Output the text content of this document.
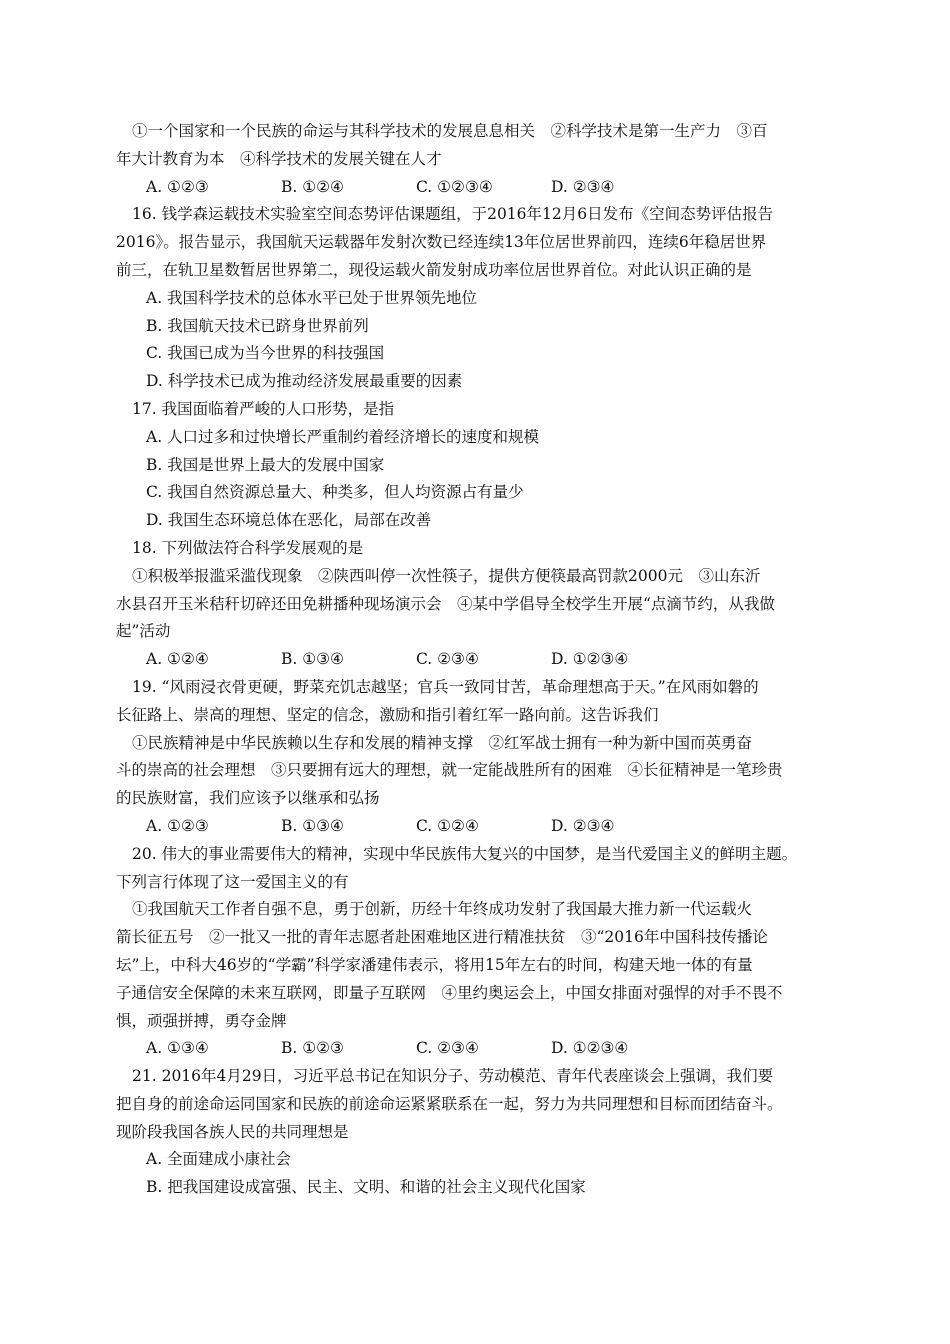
①一个国家和一个民族的命运与其科学技术的发展息息相关　②科学技术是第一生产力　③百
年大计教育为本　④科学技术的发展关键在人才
A. ①②③	B. ①②④	C. ①②③④	D. ②③④
16. 钱学森运载技术实验室空间态势评估课题组，于2016年12月6日发布《空间态势评估报告
2016》。报告显示，我国航天运载器年发射次数已经连续13年位居世界前四，连续6年稳居世界
前三，在轨卫星数暂居世界第二，现役运载火箭发射成功率位居世界首位。对此认识正确的是
A. 我国科学技术的总体水平已处于世界领先地位
B. 我国航天技术已跻身世界前列
C. 我国已成为当今世界的科技强国
D. 科学技术已成为推动经济发展最重要的因素
17. 我国面临着严峻的人口形势，是指
A. 人口过多和过快增长严重制约着经济增长的速度和规模
B. 我国是世界上最大的发展中国家
C. 我国自然资源总量大、种类多，但人均资源占有量少
D. 我国生态环境总体在恶化，局部在改善
18. 下列做法符合科学发展观的是
①积极举报滥采滥伐现象　②陕西叫停一次性筷子，提供方便筷最高罚款2000元　③山东沂
水县召开玉米秸秆切碎还田免耕播种现场演示会　④某中学倡导全校学生开展“点滴节约，从我做
起”活动
A. ①②④	B. ①③④	C. ②③④	D. ①②③④
19. “风雨浸衣骨更硬，野菜充饥志越坚；官兵一致同甘苦，革命理想高于天。”在风雨如磐的
长征路上、崇高的理想、坚定的信念，激励和指引着红军一路向前。这告诉我们
①民族精神是中华民族赖以生存和发展的精神支撑　②红军战士拥有一种为新中国而英勇奋
斗的崇高的社会理想　③只要拥有远大的理想，就一定能战胜所有的困难　④长征精神是一笔珍贵
的民族财富，我们应该予以继承和弘扬
A. ①②③	B. ①③④	C. ①②④	D. ②③④
20. 伟大的事业需要伟大的精神，实现中华民族伟大复兴的中国梦，是当代爱国主义的鲜明主题。
下列言行体现了这一爱国主义的有
①我国航天工作者自强不息，勇于创新，历经十年终成功发射了我国最大推力新一代运载火
箭长征五号　②一批又一批的青年志愿者赴困难地区进行精准扶贫　③“2016年中国科技传播论
坛”上，中科大46岁的“学霸”科学家潘建伟表示，将用15年左右的时间，构建天地一体的有量
子通信安全保障的未来互联网，即量子互联网　④里约奥运会上，中国女排面对强悍的对手不畏不
惧，顽强拼搏，勇夺金牌
A. ①③④	B. ①②③	C. ②③④	D. ①②③④
21. 2016年4月29日，习近平总书记在知识分子、劳动模范、青年代表座谈会上强调，我们要
把自身的前途命运同国家和民族的前途命运紧紧联系在一起，努力为共同理想和目标而团结奋斗。
现阶段我国各族人民的共同理想是
A. 全面建成小康社会
B. 把我国建设成富强、民主、文明、和谐的社会主义现代化国家
